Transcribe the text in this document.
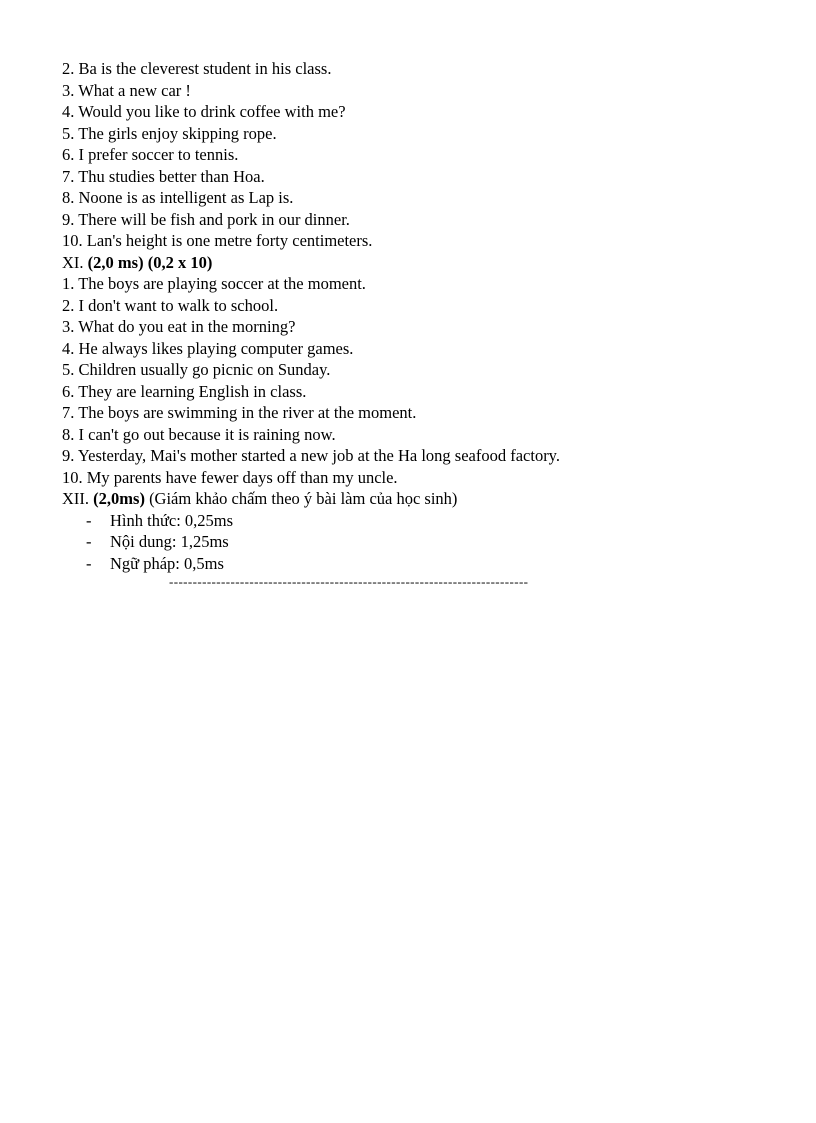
2. Ba is the cleverest student in his class.
3. What a new car !
4. Would you like to drink coffee with me?
5. The girls enjoy skipping rope.
6. I prefer soccer to tennis.
7. Thu studies better than Hoa.
8. Noone is as intelligent as Lap is.
9. There will be fish and pork in our dinner.
10. Lan's height is one metre forty centimeters.
XI. (2,0 ms) (0,2 x 10)
1. The boys are playing soccer at the moment.
2. I don't want to walk to school.
3. What do you eat in the morning?
4. He always likes playing computer games.
5. Children usually go picnic on Sunday.
6. They are learning English in class.
7. The boys are swimming in the river at the moment.
8. I can't go out because it is raining now.
9. Yesterday, Mai's mother started a new job at the Ha long seafood factory.
10. My parents have fewer days off than my uncle.
XII. (2,0ms) (Giám khảo chấm theo ý bài làm của học sinh)
- Hình thức: 0,25ms
- Nội dung: 1,25ms
- Ngữ pháp: 0,5ms
----------------------------------------------------------------------------
